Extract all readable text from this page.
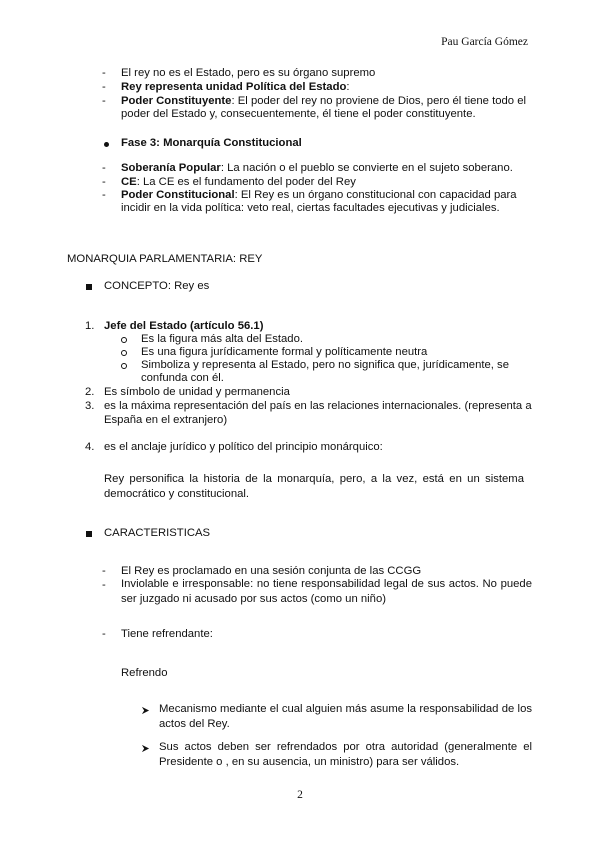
Pau García Gómez
- El rey no es el Estado, pero es su órgano supremo
- Rey representa unidad Política del Estado:
- Poder Constituyente: El poder del rey no proviene de Dios, pero él tiene todo el
poder del Estado y, consecuentemente, él tiene el poder constituyente.
Fase 3: Monarquía Constitucional
- Soberanía Popular: La nación o el pueblo se convierte en el sujeto soberano.
- CE: La CE es el fundamento del poder del Rey
- Poder Constitucional: El Rey es un órgano constitucional con capacidad para
incidir en la vida política: veto real, ciertas facultades ejecutivas y judiciales.
MONARQUIA PARLAMENTARIA: REY
CONCEPTO: Rey es
1. Jefe del Estado (artículo 56.1)
Es la figura más alta del Estado.
Es una figura jurídicamente formal y políticamente neutra
Simboliza y representa al Estado, pero no significa que, jurídicamente, se
confunda con él.
2. Es símbolo de unidad y permanencia
3. es la máxima representación del país en las relaciones internacionales. (representa a
España en el extranjero)
4. es el anclaje jurídico y político del principio monárquico:
Rey personifica la historia de la monarquía, pero, a la vez, está en un sistema democrático y constitucional.
CARACTERISTICAS
- El Rey es proclamado en una sesión conjunta de las CCGG
- Inviolable e irresponsable: no tiene responsabilidad legal de sus actos. No puede ser juzgado ni acusado por sus actos (como un niño)
- Tiene refrendante:
Refrendo
Mecanismo mediante el cual alguien más asume la responsabilidad de los actos del Rey.
Sus actos deben ser refrendados por otra autoridad (generalmente el Presidente o , en su ausencia, un ministro) para ser válidos.
2
